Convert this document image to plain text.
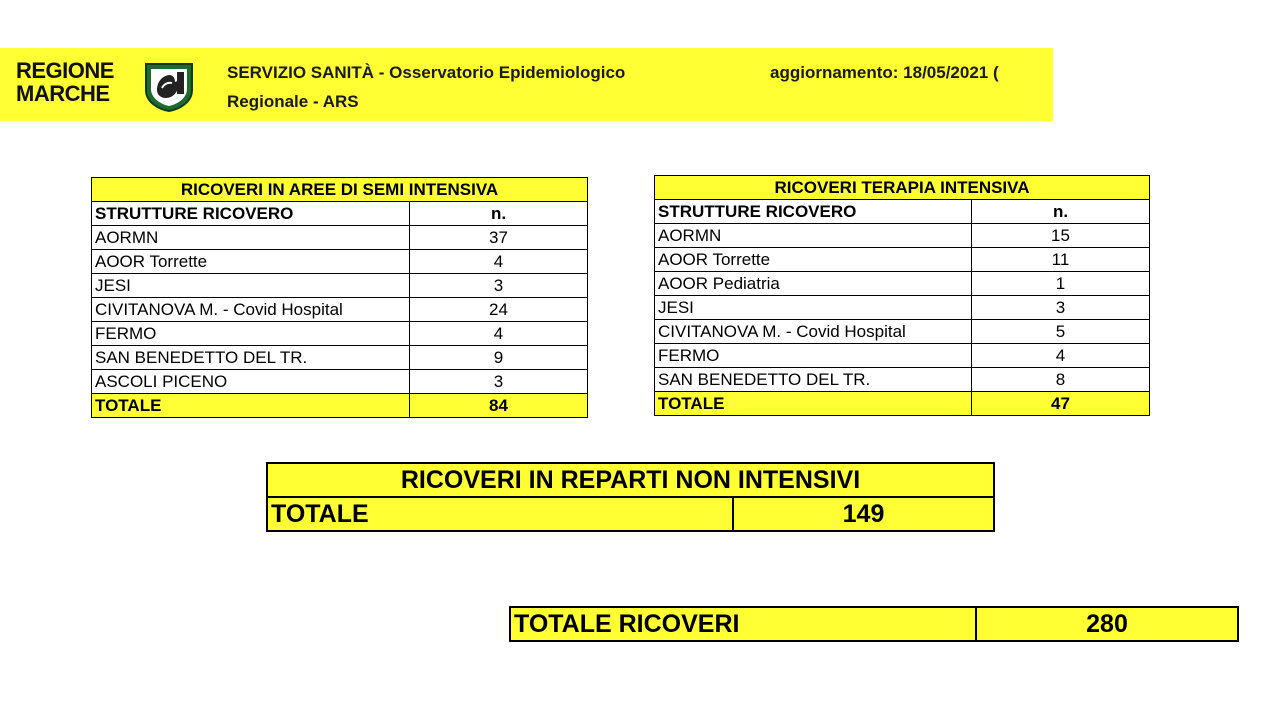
REGIONE
MARCHE
SERVIZIO SANITÀ - Osservatorio Epidemiologico
Regionale - ARS
aggiornamento: 18/05/2021 (
RICOVERI IN AREE DI SEMI INTENSIVA	
STRUTTURE RICOVERO	n.
AORMN	37
AOOR Torrette	4
JESI	3
CIVITANOVA M. - Covid Hospital	24
FERMO	4
SAN BENEDETTO DEL TR.	9
ASCOLI PICENO	3
TOTALE	84
RICOVERI TERAPIA INTENSIVA	
STRUTTURE RICOVERO	n.
AORMN	15
AOOR Torrette	11
AOOR Pediatria	1
JESI	3
CIVITANOVA M. - Covid Hospital	5
FERMO	4
SAN BENEDETTO DEL TR.	8
TOTALE	47
RICOVERI IN REPARTI NON INTENSIVI
TOTALE	149
TOTALE RICOVERI	280
